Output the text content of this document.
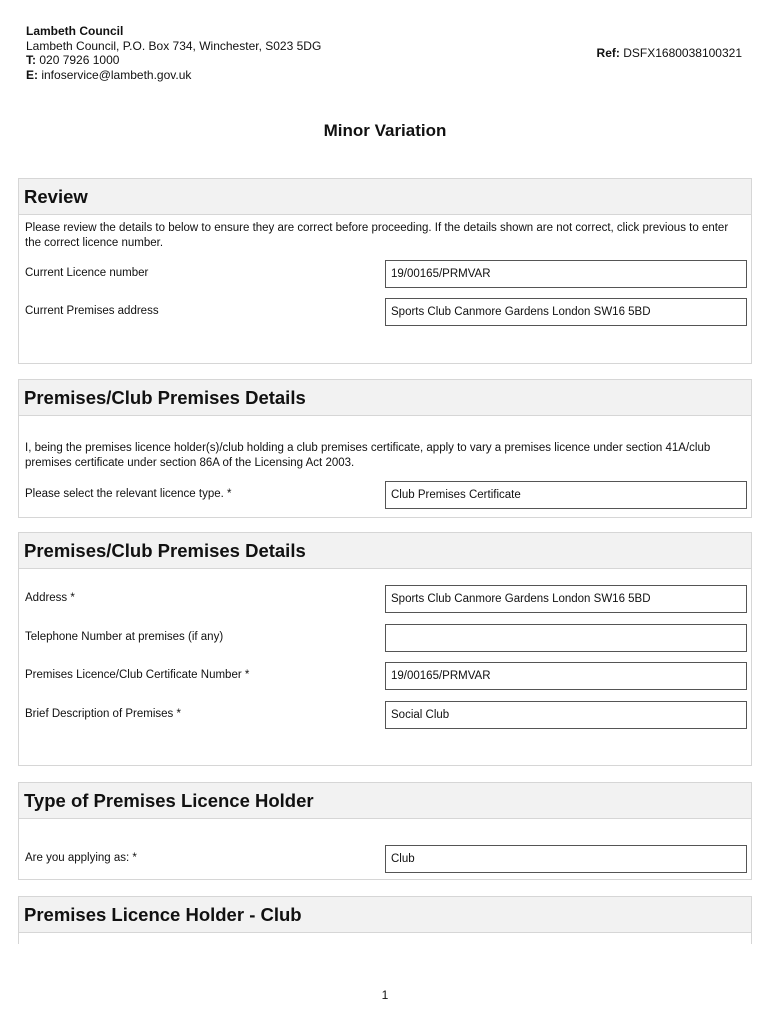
Lambeth Council
Lambeth Council, P.O. Box 734, Winchester, S023 5DG
T: 020 7926 1000
E: infoservice@lambeth.gov.uk
Ref: DSFX1680038100321
Minor Variation
Review
Please review the details to below to ensure they are correct before proceeding. If the details shown are not correct, click previous to enter the correct licence number.
Current Licence number	19/00165/PRMVAR
Current Premises address	Sports Club Canmore Gardens London SW16 5BD
Premises/Club Premises Details
I, being the premises licence holder(s)/club holding a club premises certificate, apply to vary a premises licence under section 41A/club premises certificate under section 86A of the Licensing Act 2003.
Please select the relevant licence type. *	Club Premises Certificate
Premises/Club Premises Details
Address *	Sports Club Canmore Gardens London SW16 5BD
Telephone Number at premises (if any)
Premises Licence/Club Certificate Number *	19/00165/PRMVAR
Brief Description of Premises *	Social Club
Type of Premises Licence Holder
Are you applying as: *	Club
Premises Licence Holder - Club
1
